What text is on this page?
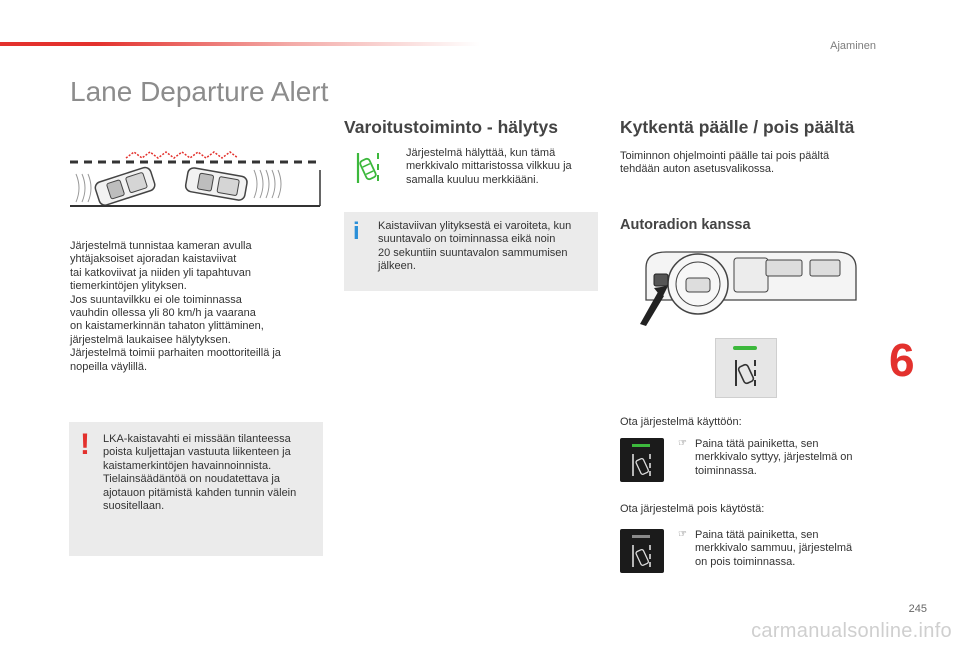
Ajaminen
Lane Departure Alert
Järjestelmä tunnistaa kameran avulla
yhtäjaksoiset ajoradan kaistaviivat
tai katkoviivat ja niiden yli tapahtuvan
tiemerkintöjen ylityksen.
Jos suuntavilkku ei ole toiminnassa
vauhdin ollessa yli 80 km/h ja vaarana
on kaistamerkinnän tahaton ylittäminen,
järjestelmä laukaisee hälytyksen.
Järjestelmä toimii parhaiten moottoriteillä ja
nopeilla väylillä.
! LKA-kaistavahti ei missään tilanteessa
poista kuljettajan vastuuta liikenteen ja
kaistamerkintöjen havainnoinnista.
Tielainsäädäntöä on noudatettava ja
ajotauon pitämistä kahden tunnin välein
suositellaan.
Varoitustoiminto - hälytys
Järjestelmä hälyttää, kun tämä
merkkivalo mittaristossa vilkkuu ja
samalla kuuluu merkkiääni.
i Kaistaviivan ylityksestä ei varoiteta, kun
suuntavalo on toiminnassa eikä noin
20 sekuntiin suuntavalon sammumisen
jälkeen.
Kytkentä päälle / pois päältä
Toiminnon ohjelmointi päälle tai pois päältä
tehdään auton asetusvalikossa.
Autoradion kanssa
Ota järjestelmä käyttöön:
☞ Paina tätä painiketta, sen
merkkivalo syttyy, järjestelmä on
toiminnassa.
Ota järjestelmä pois käytöstä:
☞ Paina tätä painiketta, sen
merkkivalo sammuu, järjestelmä
on pois toiminnassa.
6
245
carmanualsonline.info
